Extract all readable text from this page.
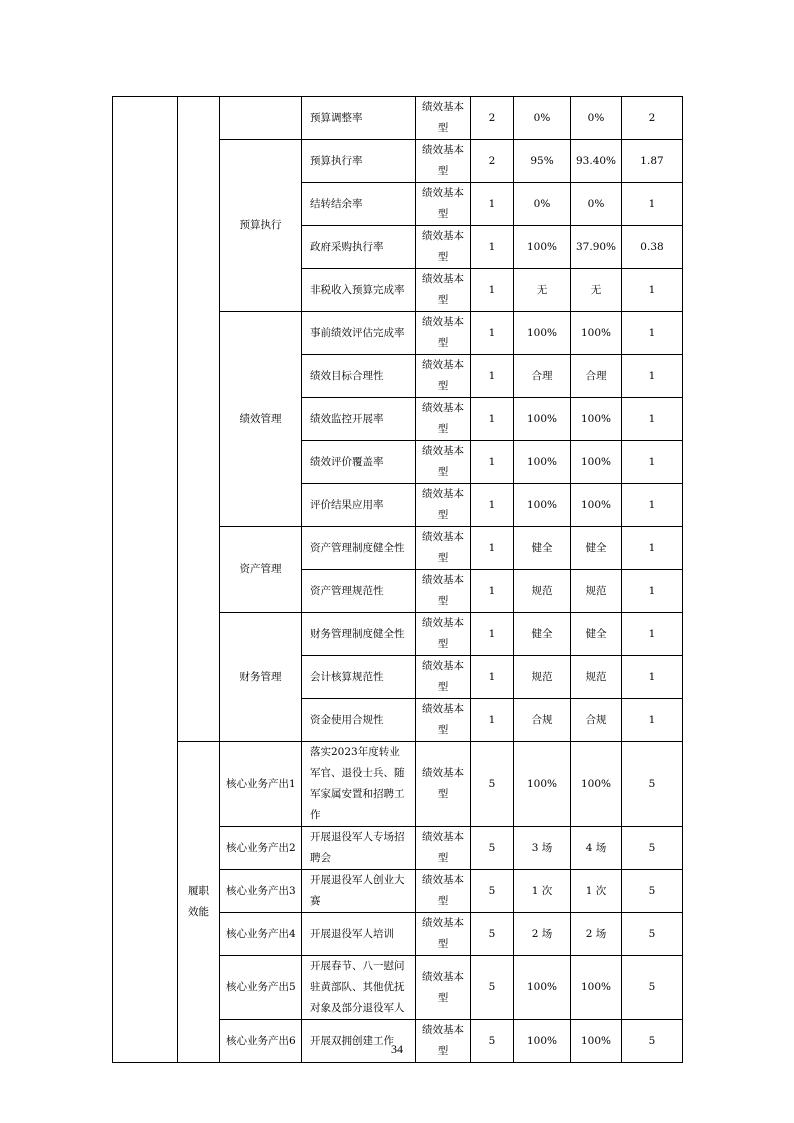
			预算调整率	绩效基本型	2	0%	0%	2
		预算执行	预算执行率	绩效基本型	2	95%	93.40%	1.87
			结转结余率	绩效基本型	1	0%	0%	1
			政府采购执行率	绩效基本型	1	100%	37.90%	0.38
			非税收入预算完成率	绩效基本型	1	无	无	1
		绩效管理	事前绩效评估完成率	绩效基本型	1	100%	100%	1
			绩效目标合理性	绩效基本型	1	合理	合理	1
			绩效监控开展率	绩效基本型	1	100%	100%	1
			绩效评价覆盖率	绩效基本型	1	100%	100%	1
			评价结果应用率	绩效基本型	1	100%	100%	1
		资产管理	资产管理制度健全性	绩效基本型	1	健全	健全	1
			资产管理规范性	绩效基本型	1	规范	规范	1
		财务管理	财务管理制度健全性	绩效基本型	1	健全	健全	1
			会计核算规范性	绩效基本型	1	规范	规范	1
			资金使用合规性	绩效基本型	1	合规	合规	1
	履职效能	核心业务产出1	落实2023年度转业军官、退役士兵、随军家属安置和招聘工作	绩效基本型	5	100%	100%	5
		核心业务产出2	开展退役军人专场招聘会	绩效基本型	5	3 场	4 场	5
		核心业务产出3	开展退役军人创业大赛	绩效基本型	5	1 次	1 次	5
		核心业务产出4	开展退役军人培训	绩效基本型	5	2 场	2 场	5
		核心业务产出5	开展春节、八一慰问驻黄部队、其他优抚对象及部分退役军人	绩效基本型	5	100%	100%	5
		核心业务产出6	开展双拥创建工作	绩效基本型	5	100%	100%	5
34
